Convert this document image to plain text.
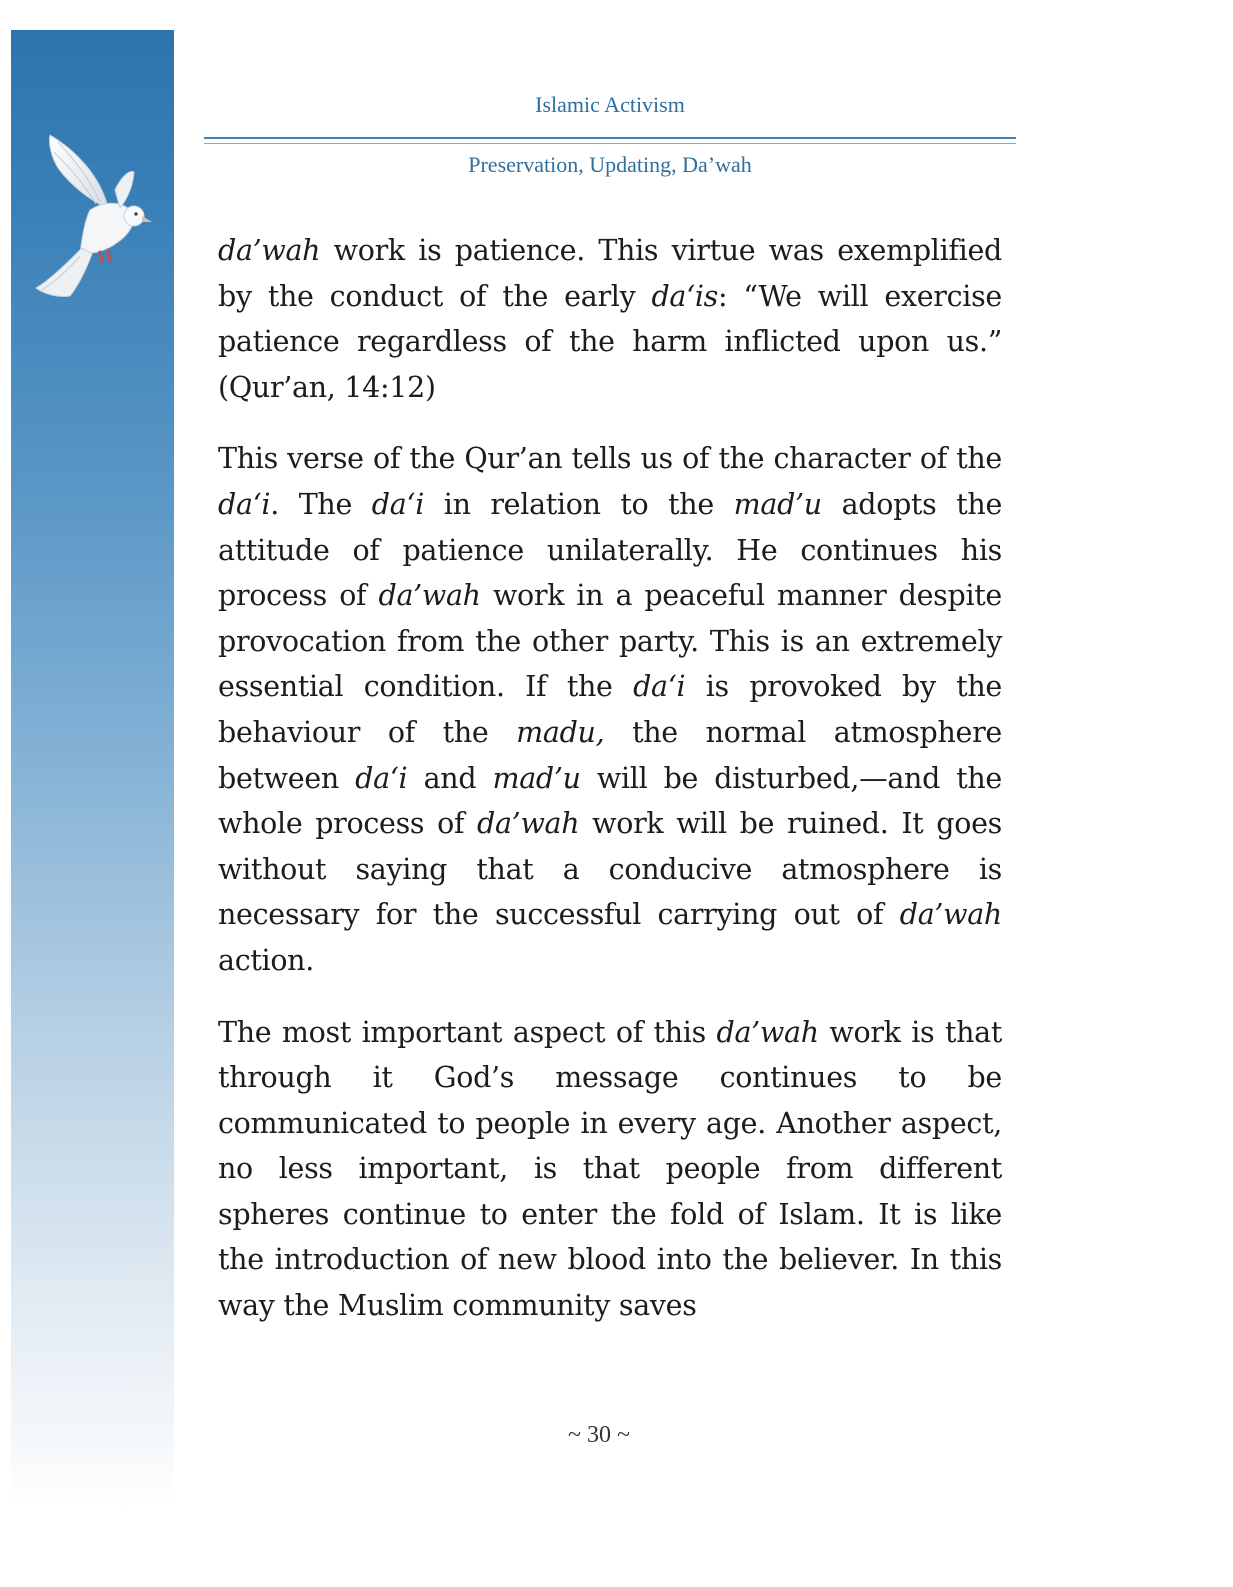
Islamic Activism
Preservation, Updating, Da’wah

da’wah work is patience. This virtue was exemplified by the conduct of the early da‘is: “We will exercise patience regardless of the harm inflicted upon us.” (Qur’an, 14:12)

This verse of the Qur’an tells us of the character of the da‘i. The da‘i in relation to the mad’u adopts the attitude of patience unilaterally. He continues his process of da’wah work in a peaceful manner despite provocation from the other party. This is an extremely essential condition. If the da‘i is provoked by the behaviour of the madu, the normal atmosphere between da‘i and mad’u will be disturbed,—and the whole process of da’wah work will be ruined. It goes without saying that a conducive atmosphere is necessary for the successful carrying out of da’wah action.

The most important aspect of this da’wah work is that through it God’s message continues to be communicated to people in every age. Another aspect, no less important, is that people from different spheres continue to enter the fold of Islam. It is like the introduction of new blood into the believer. In this way the Muslim community saves

~ 30 ~
